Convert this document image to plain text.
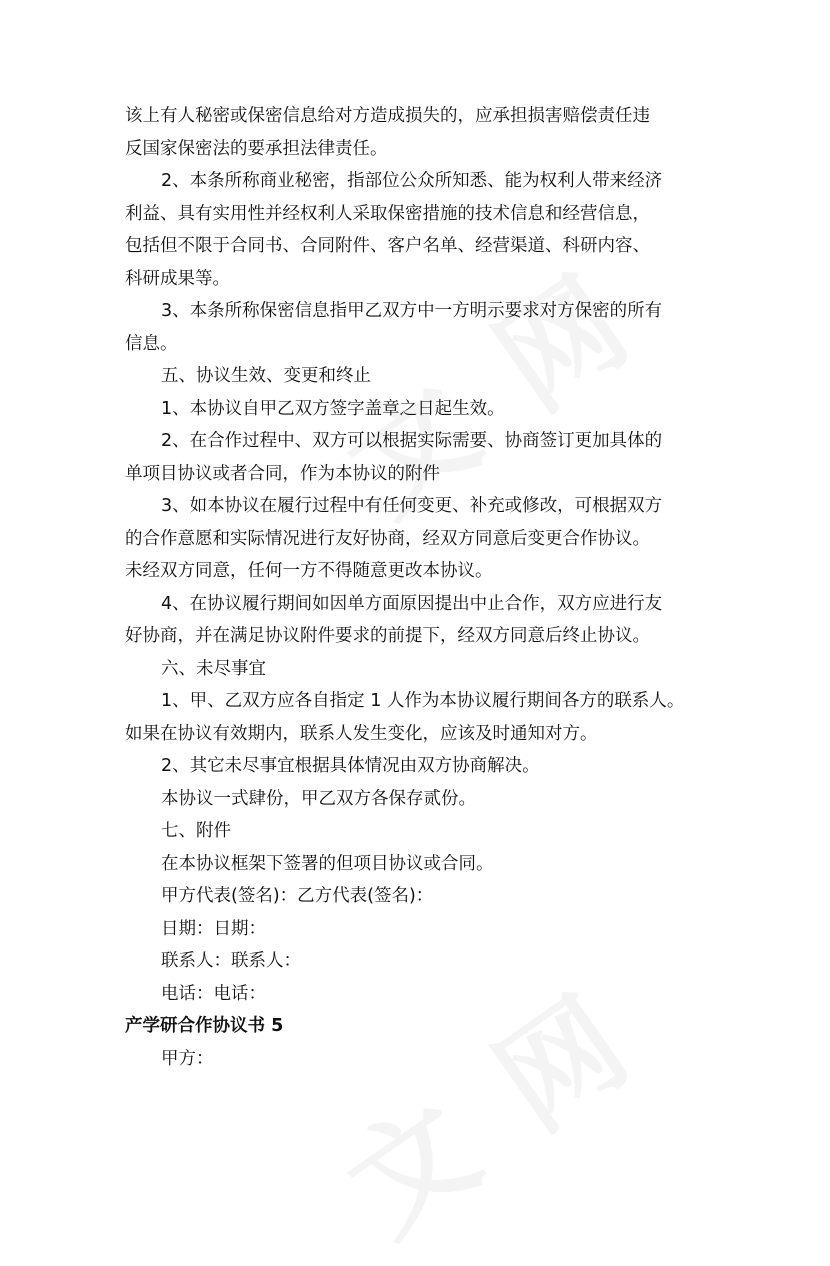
该上有人秘密或保密信息给对方造成损失的，应承担损害赔偿责任违
反国家保密法的要承担法律责任。
2、本条所称商业秘密，指部位公众所知悉、能为权利人带来经济
利益、具有实用性并经权利人采取保密措施的技术信息和经营信息，
包括但不限于合同书、合同附件、客户名单、经营渠道、科研内容、
科研成果等。
3、本条所称保密信息指甲乙双方中一方明示要求对方保密的所有
信息。
五、协议生效、变更和终止
1、本协议自甲乙双方签字盖章之日起生效。
2、在合作过程中、双方可以根据实际需要、协商签订更加具体的
单项目协议或者合同，作为本协议的附件
3、如本协议在履行过程中有任何变更、补充或修改，可根据双方
的合作意愿和实际情况进行友好协商，经双方同意后变更合作协议。
未经双方同意，任何一方不得随意更改本协议。
4、在协议履行期间如因单方面原因提出中止合作，双方应进行友
好协商，并在满足协议附件要求的前提下，经双方同意后终止协议。
六、未尽事宜
1、甲、乙双方应各自指定 1 人作为本协议履行期间各方的联系人。
如果在协议有效期内，联系人发生变化，应该及时通知对方。
2、其它未尽事宜根据具体情况由双方协商解决。
本协议一式肆份，甲乙双方各保存贰份。
七、附件
在本协议框架下签署的但项目协议或合同。
甲方代表(签名)：乙方代表(签名)：
日期：日期：
联系人：联系人：
电话：电话：
产学研合作协议书 5
甲方：
